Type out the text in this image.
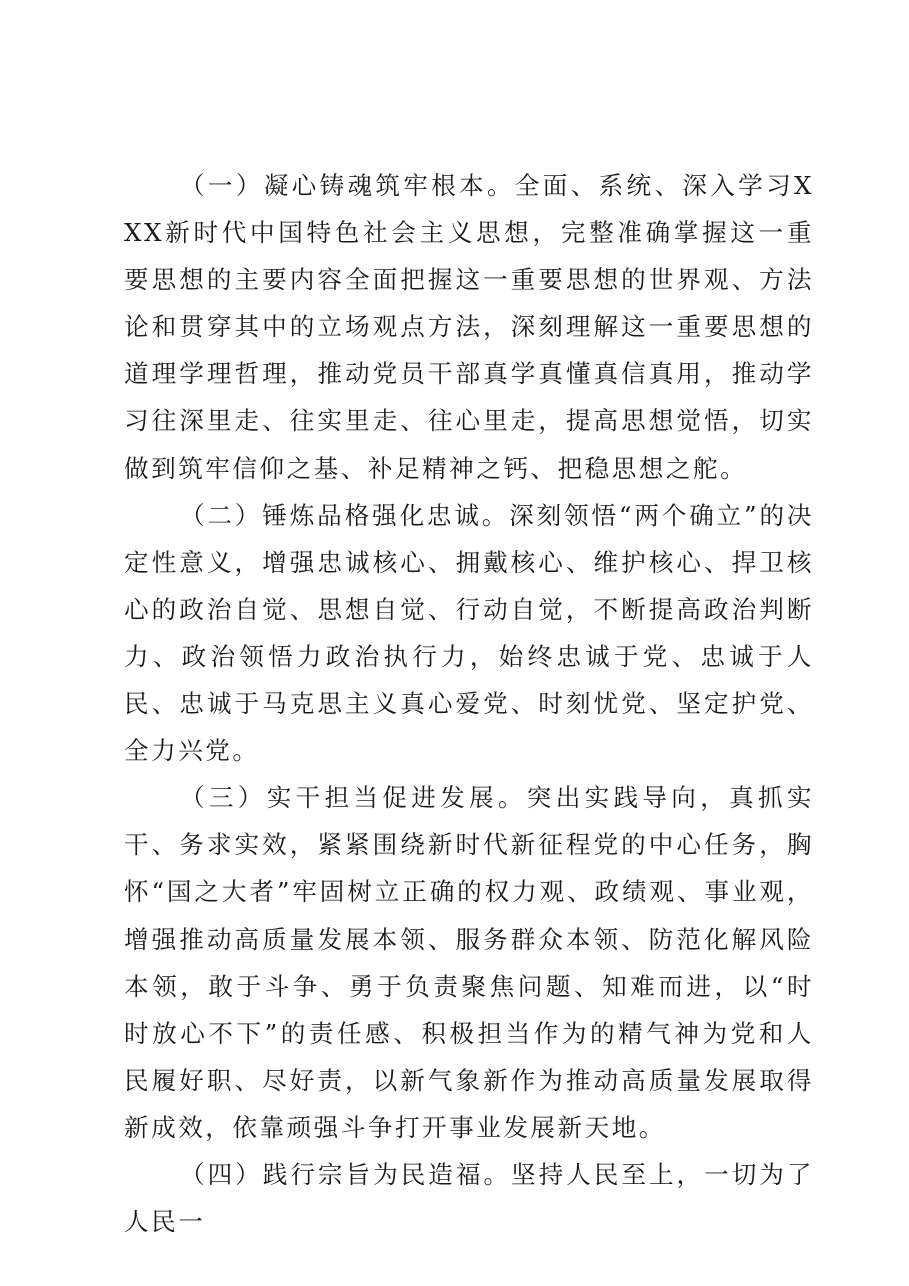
（一）凝心铸魂筑牢根本。全面、系统、深入学习XXX新时代中国特色社会主义思想，完整准确掌握这一重要思想的主要内容全面把握这一重要思想的世界观、方法论和贯穿其中的立场观点方法，深刻理解这一重要思想的道理学理哲理，推动党员干部真学真懂真信真用，推动学习往深里走、往实里走、往心里走，提高思想觉悟，切实做到筑牢信仰之基、补足精神之钙、把稳思想之舵。

（二）锤炼品格强化忠诚。深刻领悟“两个确立”的决定性意义，增强忠诚核心、拥戴核心、维护核心、捍卫核心的政治自觉、思想自觉、行动自觉，不断提高政治判断力、政治领悟力政治执行力，始终忠诚于党、忠诚于人民、忠诚于马克思主义真心爱党、时刻忧党、坚定护党、全力兴党。

（三）实干担当促进发展。突出实践导向，真抓实干、务求实效，紧紧围绕新时代新征程党的中心任务，胸怀“国之大者”牢固树立正确的权力观、政绩观、事业观，增强推动高质量发展本领、服务群众本领、防范化解风险本领，敢于斗争、勇于负责聚焦问题、知难而进，以“时时放心不下”的责任感、积极担当作为的精气神为党和人民履好职、尽好责，以新气象新作为推动高质量发展取得新成效，依靠顽强斗争打开事业发展新天地。

（四）践行宗旨为民造福。坚持人民至上，一切为了人民一
